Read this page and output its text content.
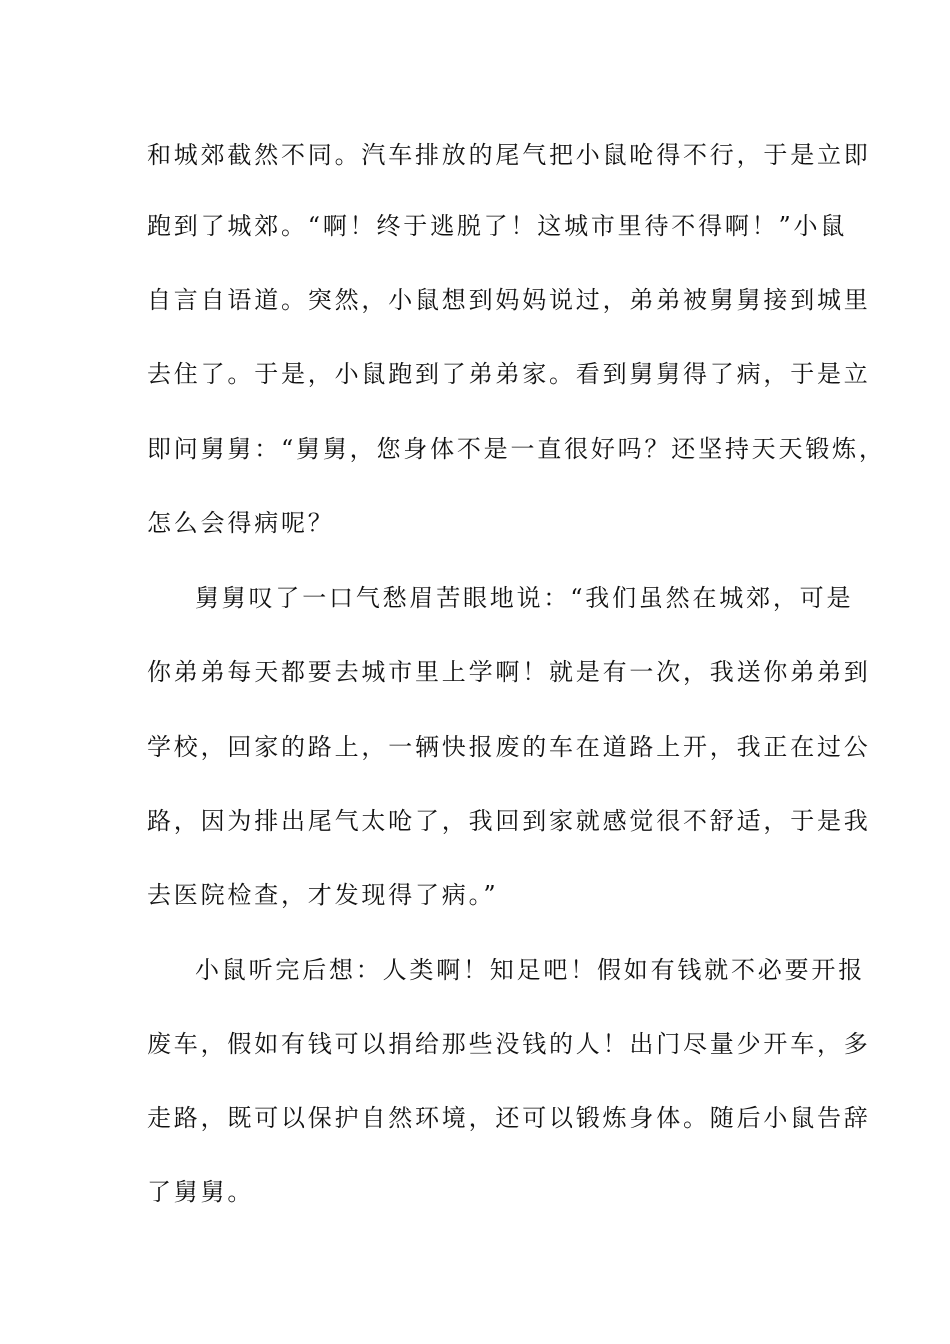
和城郊截然不同。汽车排放的尾气把小鼠呛得不行，于是立即
跑到了城郊。“啊！终于逃脱了！这城市里待不得啊！”小鼠
自言自语道。突然，小鼠想到妈妈说过，弟弟被舅舅接到城里
去住了。于是，小鼠跑到了弟弟家。看到舅舅得了病，于是立
即问舅舅：“舅舅，您身体不是一直很好吗？还坚持天天锻炼，
怎么会得病呢？
舅舅叹了一口气愁眉苦眼地说：“我们虽然在城郊，可是
你弟弟每天都要去城市里上学啊！就是有一次，我送你弟弟到
学校，回家的路上，一辆快报废的车在道路上开，我正在过公
路，因为排出尾气太呛了，我回到家就感觉很不舒适，于是我
去医院检查，才发现得了病。”
小鼠听完后想：人类啊！知足吧！假如有钱就不必要开报
废车，假如有钱可以捐给那些没钱的人！出门尽量少开车，多
走路，既可以保护自然环境，还可以锻炼身体。随后小鼠告辞
了舅舅。
